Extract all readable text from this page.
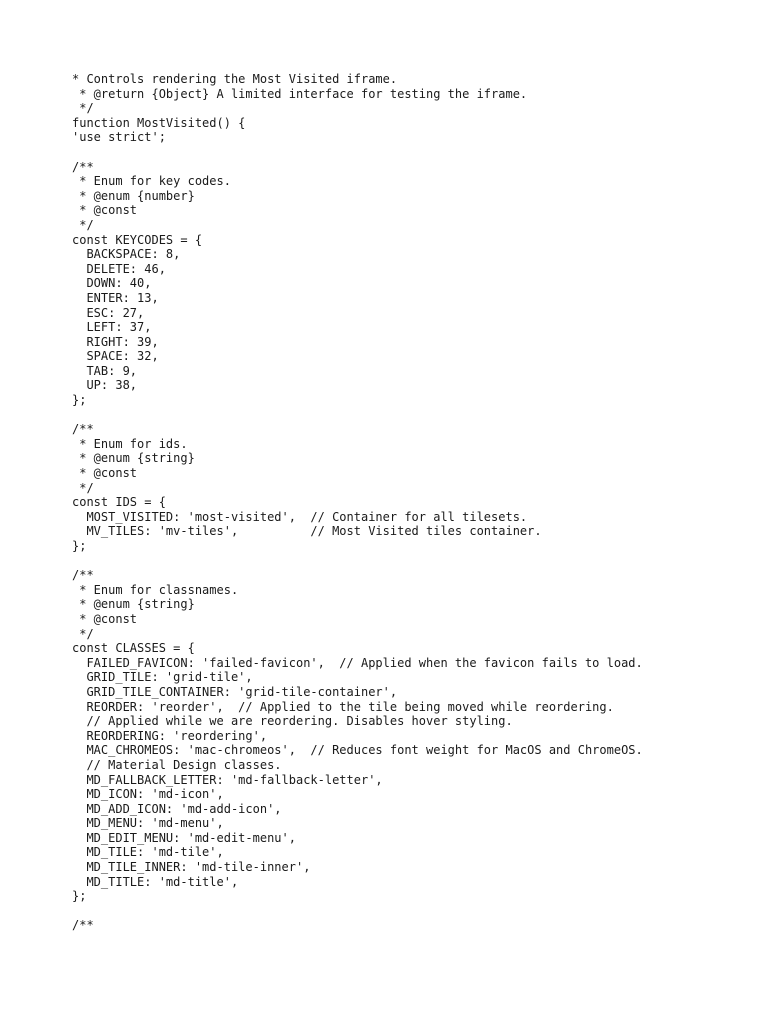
* Controls rendering the Most Visited iframe.
* @return {Object} A limited interface for testing the iframe.
*/
function MostVisited() {
'use strict';
/**
* Enum for key codes.
* @enum {number}
* @const
*/
const KEYCODES = {
BACKSPACE: 8,
DELETE: 46,
DOWN: 40,
ENTER: 13,
ESC: 27,
LEFT: 37,
RIGHT: 39,
SPACE: 32,
TAB: 9,
UP: 38,
};
/**
* Enum for ids.
* @enum {string}
* @const
*/
const IDS = {
MOST_VISITED: 'most-visited',  // Container for all tilesets.
MV_TILES: 'mv-tiles',          // Most Visited tiles container.
};
/**
* Enum for classnames.
* @enum {string}
* @const
*/
const CLASSES = {
FAILED_FAVICON: 'failed-favicon',  // Applied when the favicon fails to load.
GRID_TILE: 'grid-tile',
GRID_TILE_CONTAINER: 'grid-tile-container',
REORDER: 'reorder',  // Applied to the tile being moved while reordering.
// Applied while we are reordering. Disables hover styling.
REORDERING: 'reordering',
MAC_CHROMEOS: 'mac-chromeos',  // Reduces font weight for MacOS and ChromeOS.
// Material Design classes.
MD_FALLBACK_LETTER: 'md-fallback-letter',
MD_ICON: 'md-icon',
MD_ADD_ICON: 'md-add-icon',
MD_MENU: 'md-menu',
MD_EDIT_MENU: 'md-edit-menu',
MD_TILE: 'md-tile',
MD_TILE_INNER: 'md-tile-inner',
MD_TITLE: 'md-title',
};
/**
